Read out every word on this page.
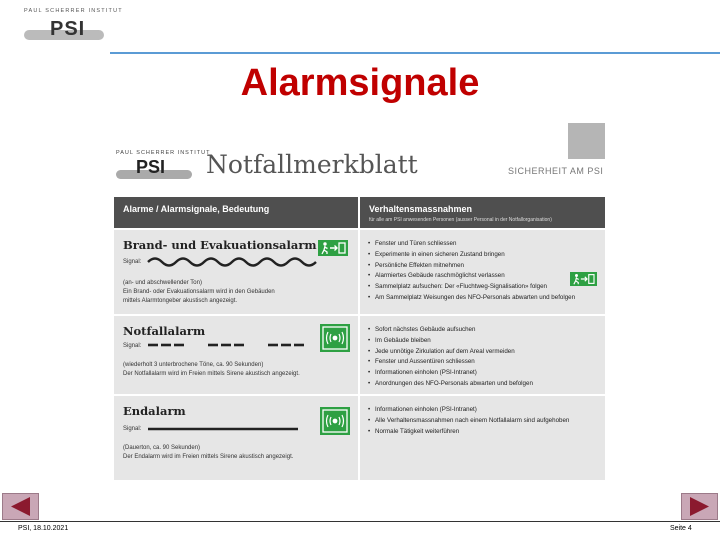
PAUL SCHERRER INSTITUT
PSI
Alarmsignale
PAUL SCHERRER INSTITUT
PSI Notfallmerkblatt	SICHERHEIT AM PSI
Alarme / Alarmsignale, Bedeutung	Verhaltensmassnahmen
für alle am PSI anwesenden Personen (ausser Personal in der Notfallorganisation)
Brand- und Evakuationsalarm
Signal:
(an- und abschwellender Ton)
Ein Brand- oder Evakuationsalarm wird in den Gebäuden
mittels Alarmtongeber akustisch angezeigt.
• Fenster und Türen schliessen
• Experimente in einen sicheren Zustand bringen
• Persönliche Effekten mitnehmen
• Alarmiertes Gebäude raschmöglichst verlassen
• Sammelplatz aufsuchen: Der «Fluchtweg-Signalisation» folgen
• Am Sammelplatz Weisungen des NFO-Personals abwarten und befolgen
Notfallalarm
Signal:
(wiederholt 3 unterbrochene Töne, ca. 90 Sekunden)
Der Notfallalarm wird im Freien mittels Sirene akustisch angezeigt.
• Sofort nächstes Gebäude aufsuchen
• Im Gebäude bleiben
• Jede unnötige Zirkulation auf dem Areal vermeiden
• Fenster und Aussentüren schliessen
• Informationen einholen (PSI-Intranet)
• Anordnungen des NFO-Personals abwarten und befolgen
Endalarm
Signal:
(Dauerton, ca. 90 Sekunden)
Der Endalarm wird im Freien mittels Sirene akustisch angezeigt.
• Informationen einholen (PSI-Intranet)
• Alle Verhaltensmassnahmen nach einem Notfallalarm sind aufgehoben
• Normale Tätigkeit weiterführen
PSI, 18.10.2021	Seite 4
